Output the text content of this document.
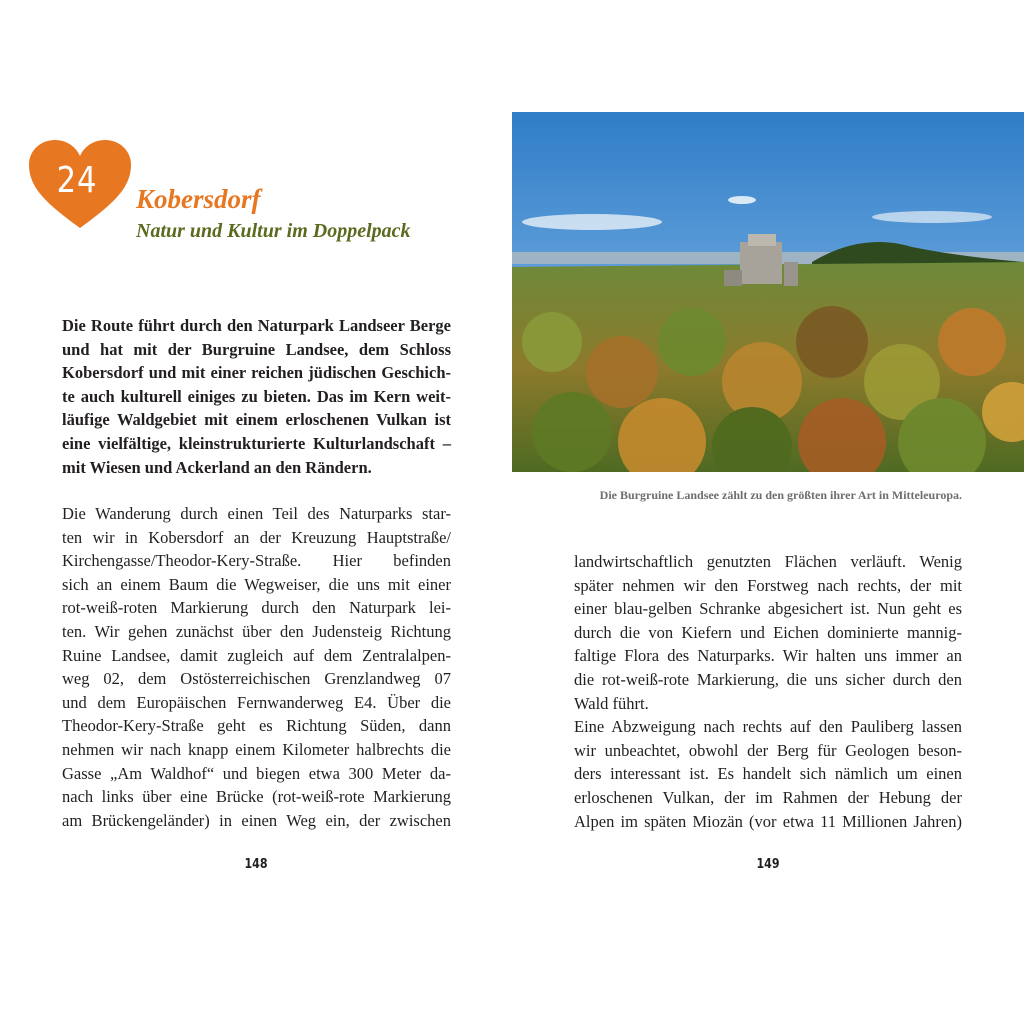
24	Kobersdorf
Natur und Kultur im Doppelpack

Die Route führt durch den Naturpark Landseer Berge
und hat mit der Burgruine Landsee, dem Schloss
Kobersdorf und mit einer reichen jüdischen Geschich-
te auch kulturell einiges zu bieten. Das im Kern weit-
läufige Waldgebiet mit einem erloschenen Vulkan ist
eine vielfältige, kleinstrukturierte Kulturlandschaft –
mit Wiesen und Ackerland an den Rändern.

Die Wanderung durch einen Teil des Naturparks star-
ten wir in Kobersdorf an der Kreuzung Hauptstraße/
Kirchengasse/Theodor-Kery-Straße. Hier befinden
sich an einem Baum die Wegweiser, die uns mit einer
rot-weiß-roten Markierung durch den Naturpark lei-
ten. Wir gehen zunächst über den Judensteig Richtung
Ruine Landsee, damit zugleich auf dem Zentralalpen-
weg 02, dem Ostösterreichischen Grenzlandweg 07
und dem Europäischen Fernwanderweg E4. Über die
Theodor-Kery-Straße geht es Richtung Süden, dann
nehmen wir nach knapp einem Kilometer halbrechts die
Gasse „Am Waldhof“ und biegen etwa 300 Meter da-
nach links über eine Brücke (rot-weiß-rote Markierung
am Brückengeländer) in einen Weg ein, der zwischen

148
Die Burgruine Landsee zählt zu den größten ihrer Art in Mitteleuropa.

landwirtschaftlich genutzten Flächen verläuft. Wenig
später nehmen wir den Forstweg nach rechts, der mit
einer blau-gelben Schranke abgesichert ist. Nun geht es
durch die von Kiefern und Eichen dominierte mannig-
faltige Flora des Naturparks. Wir halten uns immer an
die rot-weiß-rote Markierung, die uns sicher durch den
Wald führt.
Eine Abzweigung nach rechts auf den Pauliberg lassen
wir unbeachtet, obwohl der Berg für Geologen beson-
ders interessant ist. Es handelt sich nämlich um einen
erloschenen Vulkan, der im Rahmen der Hebung der
Alpen im späten Miozän (vor etwa 11 Millionen Jahren)

149
